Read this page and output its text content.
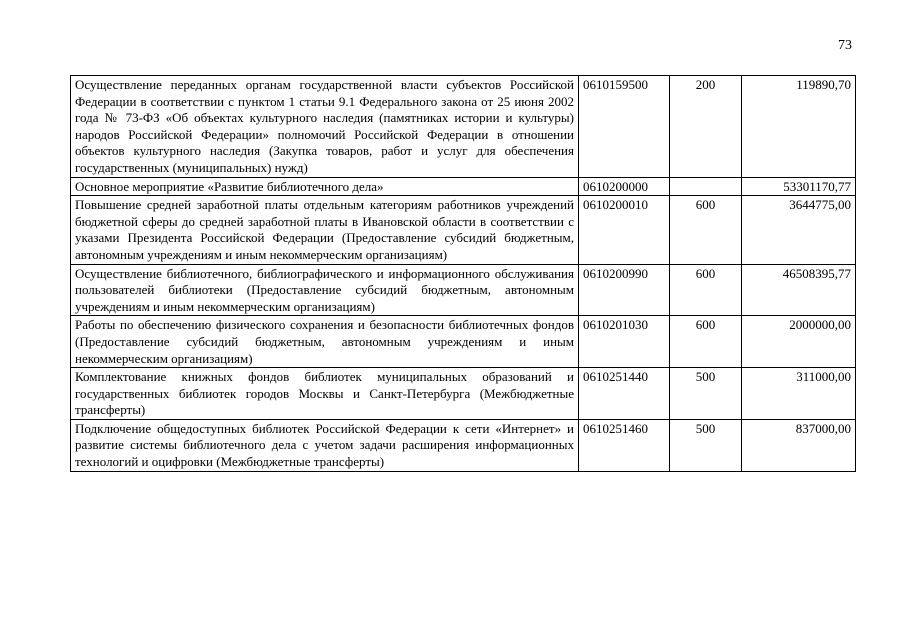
73
Осуществление переданных органам государственной власти субъектов Российской Федерации в соответствии с пунктом 1 статьи 9.1 Федерального закона от 25 июня 2002 года № 73-ФЗ «Об объектах культурного наследия (памятниках истории и культуры) народов Российской Федерации» полномочий Российской Федерации в отношении объектов культурного наследия (Закупка товаров, работ и услуг для обеспечения государственных (муниципальных) нужд)	0610159500	200	119890,70
Основное мероприятие «Развитие библиотечного дела»	0610200000		53301170,77
Повышение средней заработной платы отдельным категориям работников учреждений бюджетной сферы до средней заработной платы в Ивановской области в соответствии с указами Президента Российской Федерации (Предоставление субсидий бюджетным, автономным учреждениям и иным некоммерческим организациям)	0610200010	600	3644775,00
Осуществление библиотечного, библиографического и информационного обслуживания пользователей библиотеки (Предоставление субсидий бюджетным, автономным учреждениям и иным некоммерческим организациям)	0610200990	600	46508395,77
Работы по обеспечению физического сохранения и безопасности библиотечных фондов (Предоставление субсидий бюджетным, автономным учреждениям и иным некоммерческим организациям)	0610201030	600	2000000,00
Комплектование книжных фондов библиотек муниципальных образований и государственных библиотек городов Москвы и Санкт-Петербурга (Межбюджетные трансферты)	0610251440	500	311000,00
Подключение общедоступных библиотек Российской Федерации к сети «Интернет» и развитие системы библиотечного дела с учетом задачи расширения информационных технологий и оцифровки (Межбюджетные трансферты)	0610251460	500	837000,00
